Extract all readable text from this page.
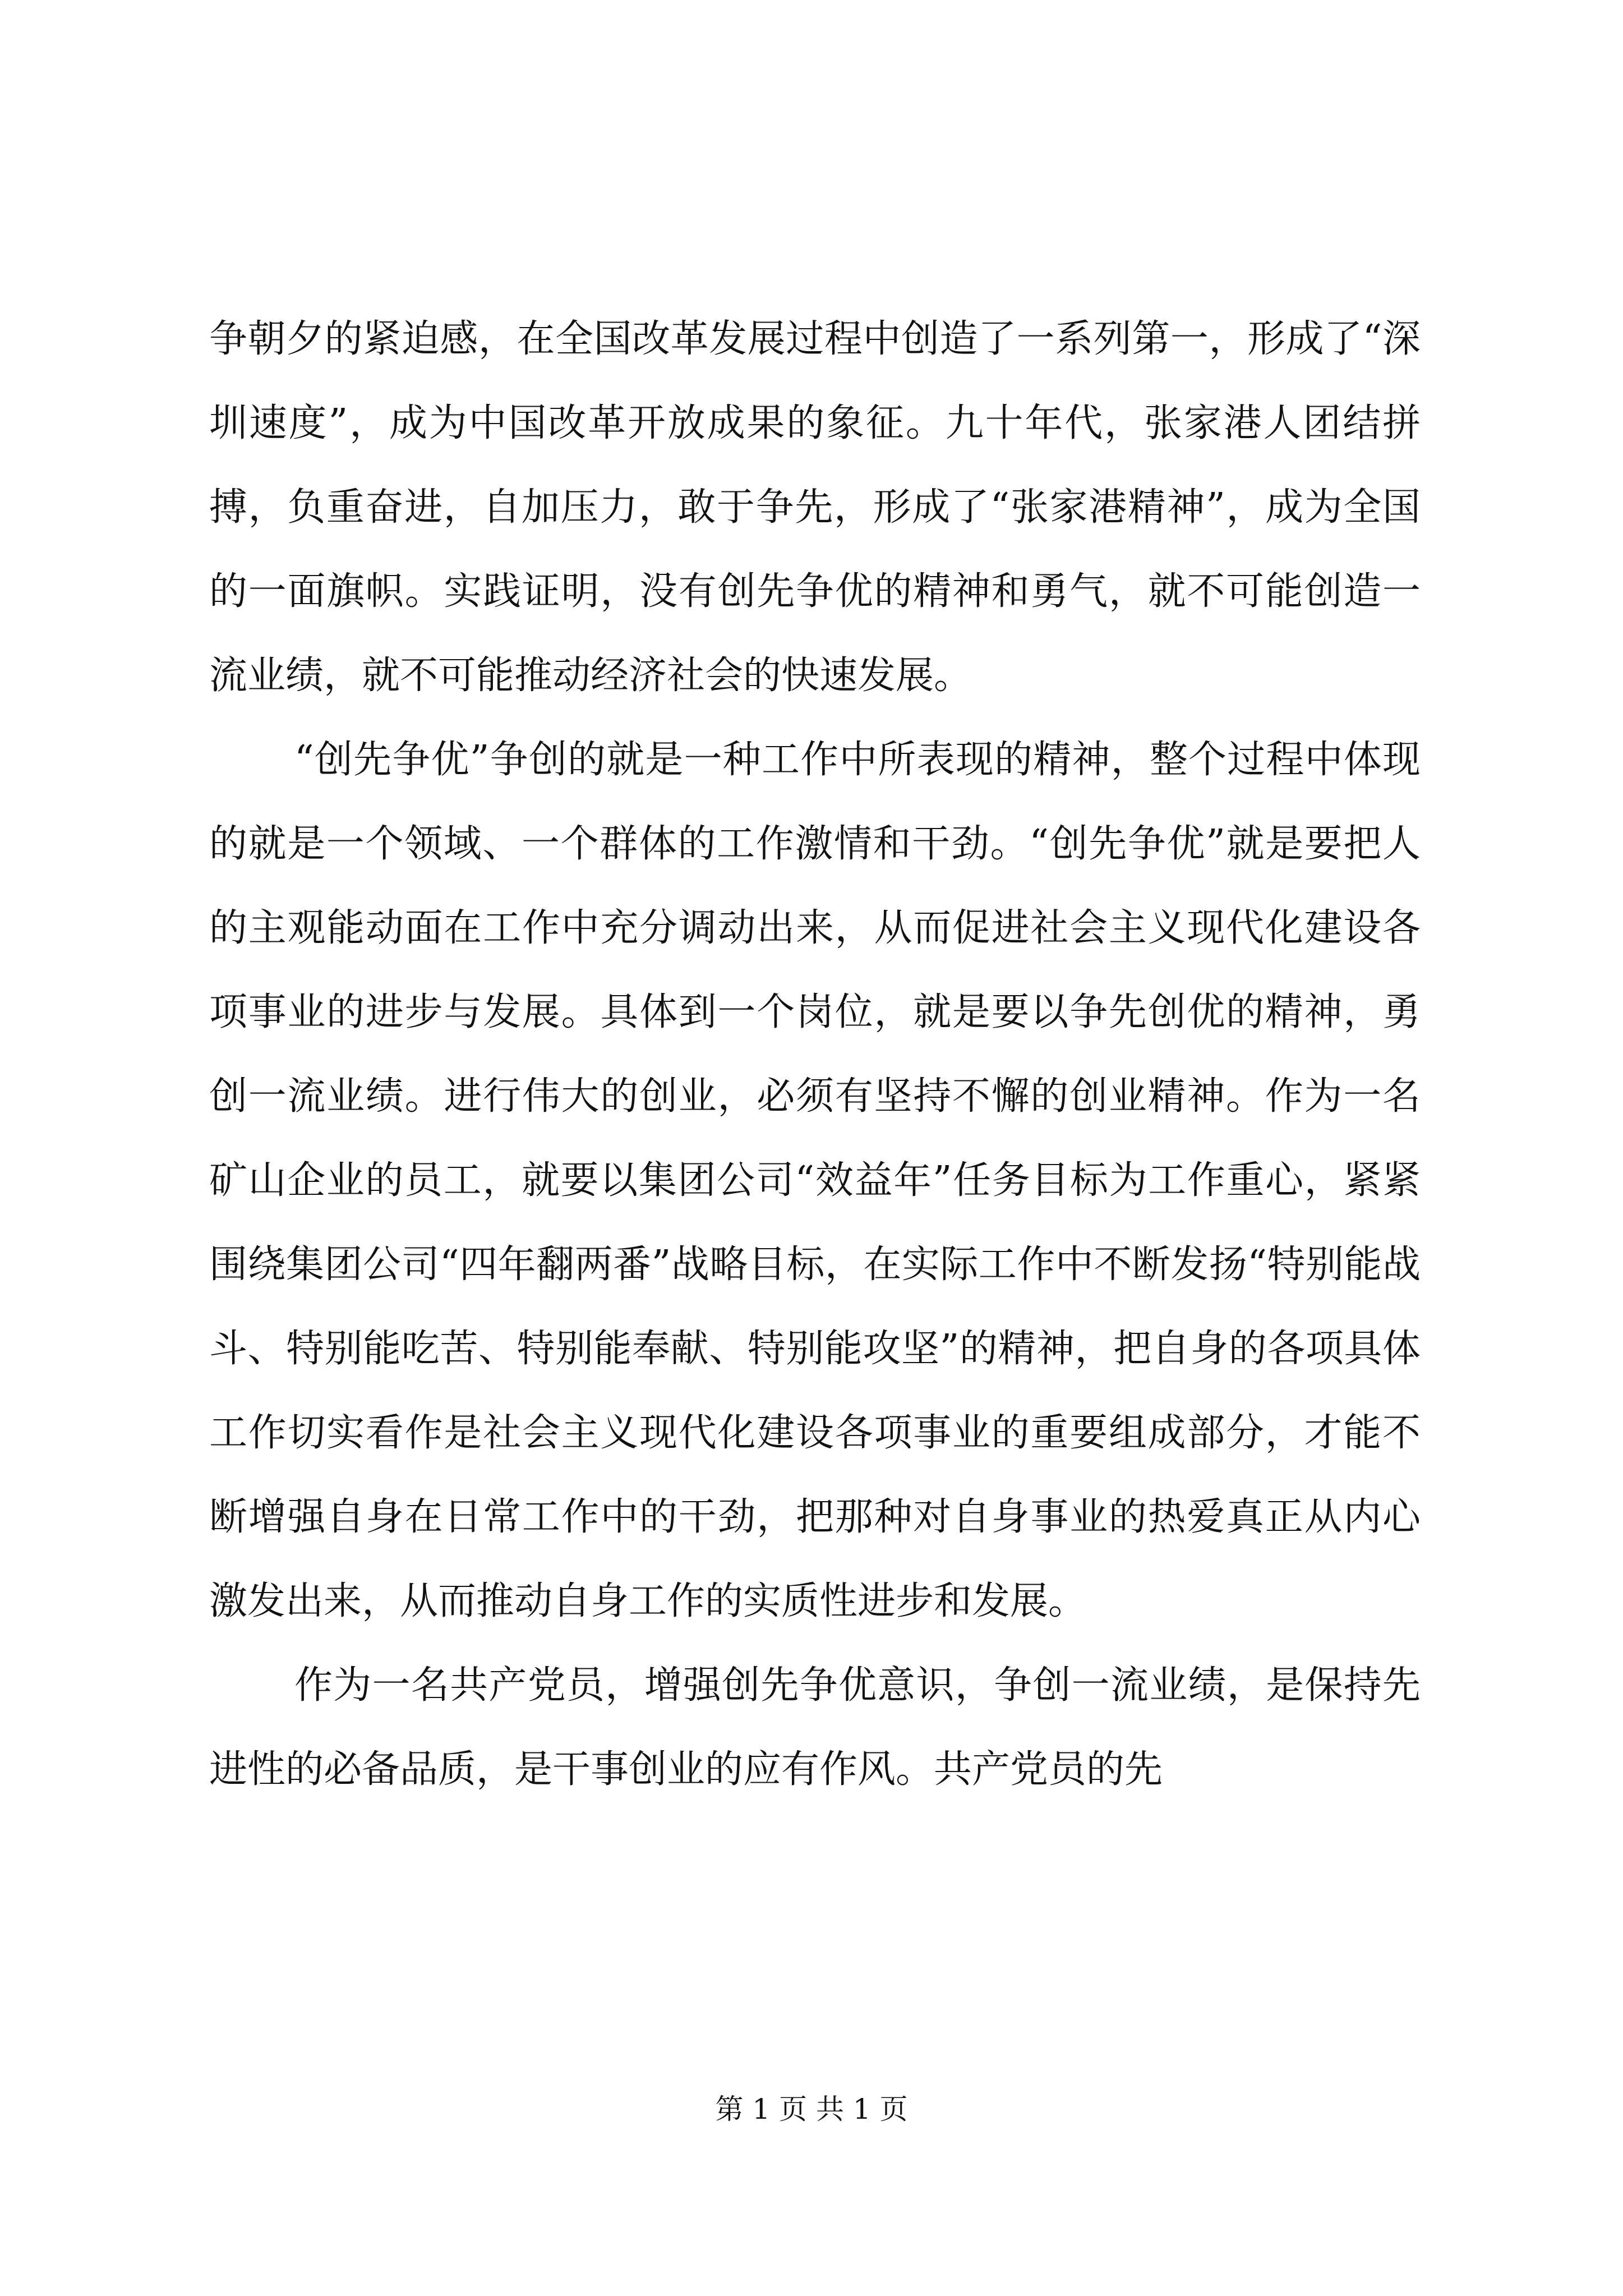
争朝夕的紧迫感，在全国改革发展过程中创造了一系列第一，形成了“深圳速度”，成为中国改革开放成果的象征。九十年代，张家港人团结拼搏，负重奋进，自加压力，敢于争先，形成了“张家港精神”，成为全国的一面旗帜。实践证明，没有创先争优的精神和勇气，就不可能创造一流业绩，就不可能推动经济社会的快速发展。

“创先争优”争创的就是一种工作中所表现的精神，整个过程中体现的就是一个领域、一个群体的工作激情和干劲。“创先争优”就是要把人的主观能动面在工作中充分调动出来，从而促进社会主义现代化建设各项事业的进步与发展。具体到一个岗位，就是要以争先创优的精神，勇创一流业绩。进行伟大的创业，必须有坚持不懈的创业精神。作为一名矿山企业的员工，就要以集团公司“效益年”任务目标为工作重心，紧紧围绕集团公司“四年翻两番”战略目标，在实际工作中不断发扬“特别能战斗、特别能吃苦、特别能奉献、特别能攻坚”的精神，把自身的各项具体工作切实看作是社会主义现代化建设各项事业的重要组成部分，才能不断增强自身在日常工作中的干劲，把那种对自身事业的热爱真正从内心激发出来，从而推动自身工作的实质性进步和发展。

作为一名共产党员，增强创先争优意识，争创一流业绩，是保持先进性的必备品质，是干事创业的应有作风。共产党员的先

第 1 页 共 1 页
